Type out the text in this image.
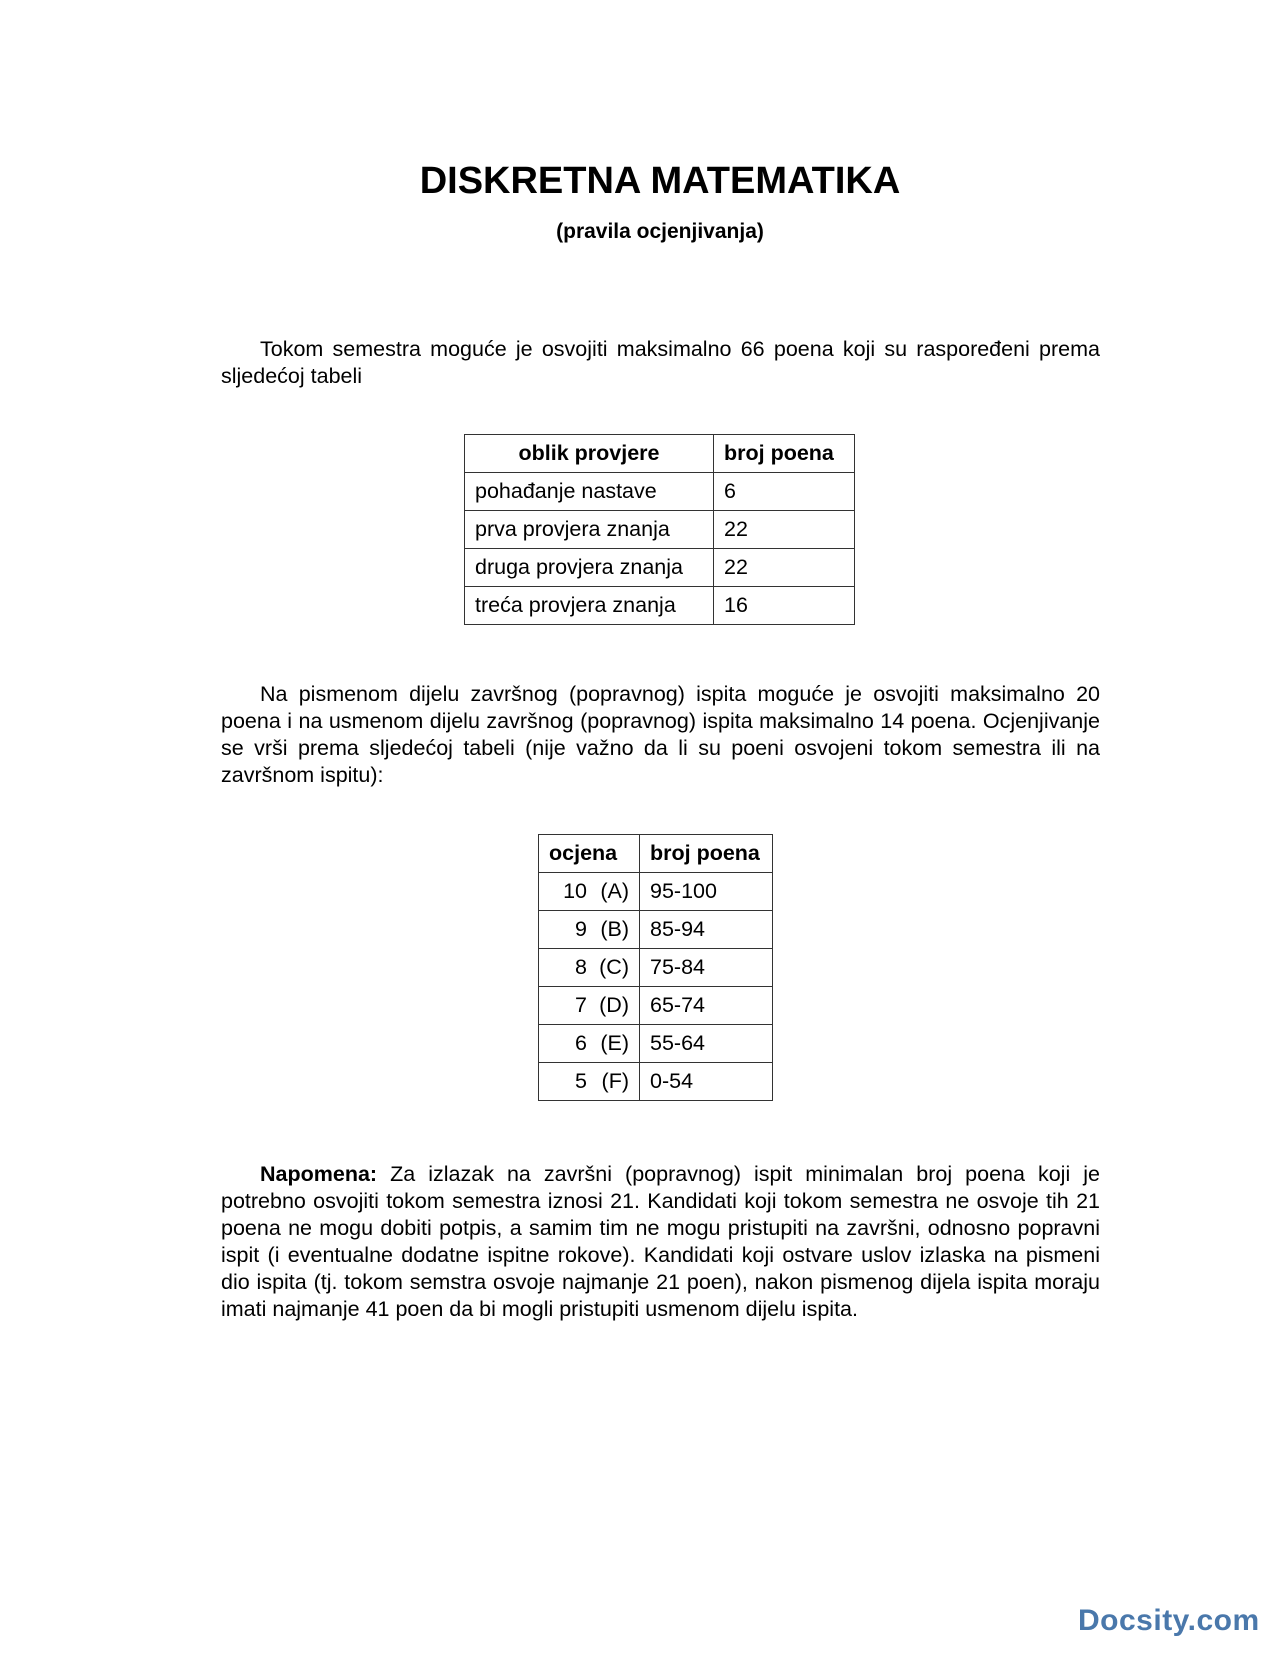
DISKRETNA MATEMATIKA
(pravila ocjenjivanja)

Tokom semestra moguće je osvojiti maksimalno 66 poena koji su raspoređeni prema sljedećoj tabeli

oblik provjere	broj poena
pohađanje nastave	6
prva provjera znanja	22
druga provjera znanja	22
treća provjera znanja	16

Na pismenom dijelu završnog (popravnog) ispita moguće je osvojiti maksimalno 20 poena i na usmenom dijelu završnog (popravnog) ispita maksimalno 14 poena. Ocjenjivanje se vrši prema sljedećoj tabeli (nije važno da li su poeni osvojeni tokom semestra ili na završnom ispitu):

ocjena	broj poena
10 (A)	95-100
9 (B)	85-94
8 (C)	75-84
7 (D)	65-74
6 (E)	55-64
5 (F)	0-54

Napomena: Za izlazak na završni (popravnog) ispit minimalan broj poena koji je potrebno osvojiti tokom semestra iznosi 21. Kandidati koji tokom semestra ne osvoje tih 21 poena ne mogu dobiti potpis, a samim tim ne mogu pristupiti na završni, odnosno popravni ispit (i eventualne dodatne ispitne rokove). Kandidati koji ostvare uslov izlaska na pismeni dio ispita (tj. tokom semstra osvoje najmanje 21 poen), nakon pismenog dijela ispita moraju imati najmanje 41 poen da bi mogli pristupiti usmenom dijelu ispita.

Docsity.com
